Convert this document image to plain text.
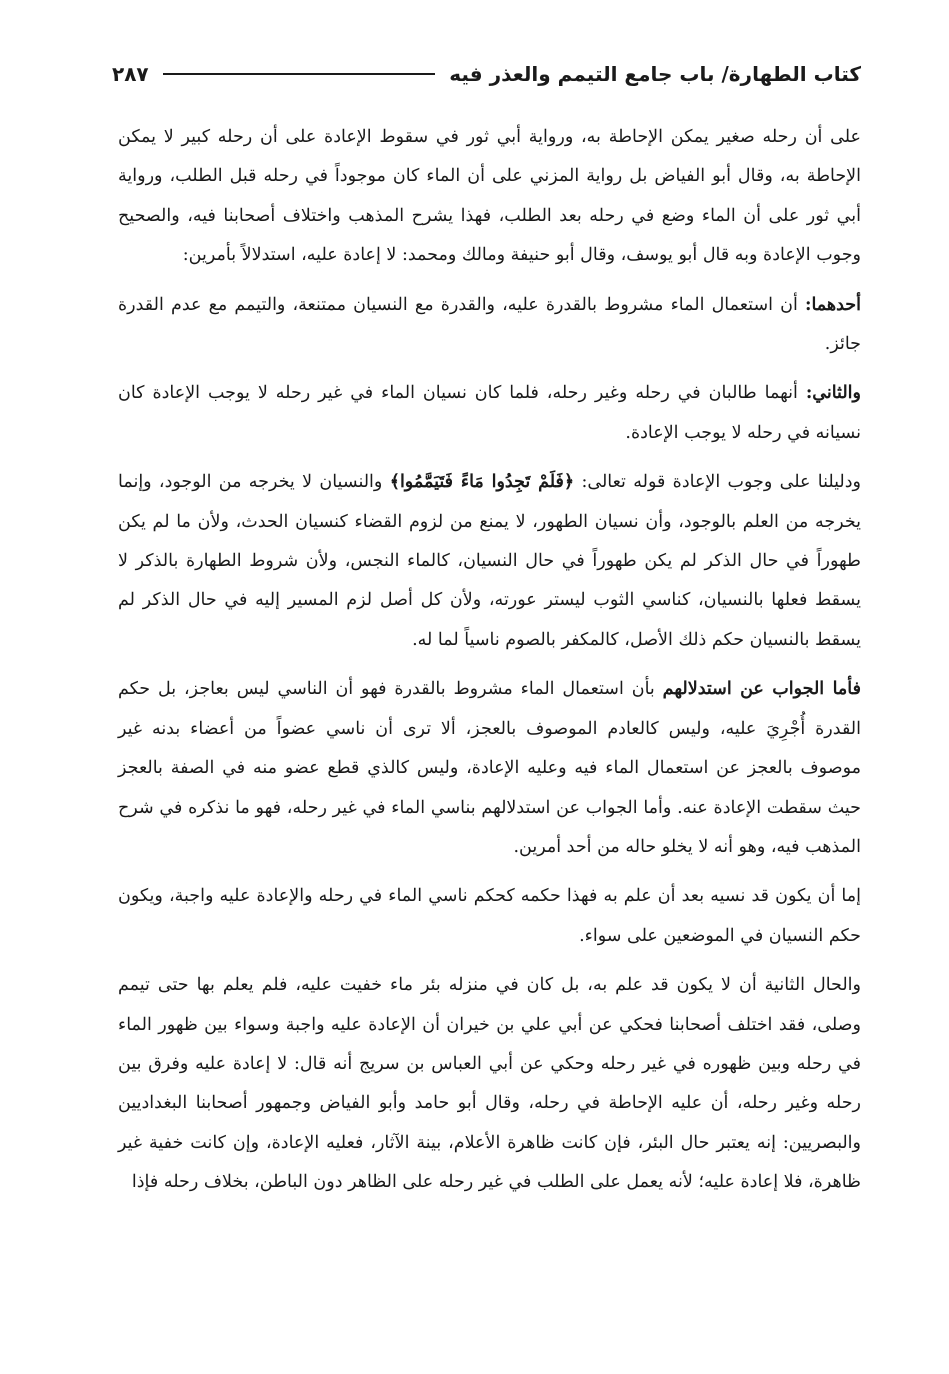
كتاب الطهارة/ باب جامع التيمم والعذر فيه
٢٨٧

على أن رحله صغير يمكن الإحاطة به، ورواية أبي ثور في سقوط الإعادة على أن رحله كبير لا يمكن الإحاطة به، وقال أبو الفياض بل رواية المزني على أن الماء كان موجوداً في رحله قبل الطلب، ورواية أبي ثور على أن الماء وضع في رحله بعد الطلب، فهذا يشرح المذهب واختلاف أصحابنا فيه، والصحيح وجوب الإعادة وبه قال أبو يوسف، وقال أبو حنيفة ومالك ومحمد: لا إعادة عليه، استدلالاً بأمرين:

أحدهما: أن استعمال الماء مشروط بالقدرة عليه، والقدرة مع النسيان ممتنعة، والتيمم مع عدم القدرة جائز.

والثاني: أنهما طالبان في رحله وغير رحله، فلما كان نسيان الماء في غير رحله لا يوجب الإعادة كان نسيانه في رحله لا يوجب الإعادة.

ودليلنا على وجوب الإعادة قوله تعالى: ﴿فَلَمْ تَجِدُوا مَاءً فَتَيَمَّمُوا﴾ والنسيان لا يخرجه من الوجود، وإنما يخرجه من العلم بالوجود، وأن نسيان الطهور، لا يمنع من لزوم القضاء كنسيان الحدث، ولأن ما لم يكن طهوراً في حال الذكر لم يكن طهوراً في حال النسيان، كالماء النجس، ولأن شروط الطهارة بالذكر لا يسقط فعلها بالنسيان، كناسي الثوب ليستر عورته، ولأن كل أصل لزم المسير إليه في حال الذكر لم يسقط بالنسيان حكم ذلك الأصل، كالمكفر بالصوم ناسياً لما له.

فأما الجواب عن استدلالهم بأن استعمال الماء مشروط بالقدرة فهو أن الناسي ليس بعاجز، بل حكم القدرة أُجْرِيَ عليه، وليس كالعادم الموصوف بالعجز، ألا ترى أن ناسي عضواً من أعضاء بدنه غير موصوف بالعجز عن استعمال الماء فيه وعليه الإعادة، وليس كالذي قطع عضو منه في الصفة بالعجز حيث سقطت الإعادة عنه. وأما الجواب عن استدلالهم بناسي الماء في غير رحله، فهو ما نذكره في شرح المذهب فيه، وهو أنه لا يخلو حاله من أحد أمرين.

إما أن يكون قد نسيه بعد أن علم به فهذا حكمه كحكم ناسي الماء في رحله والإعادة عليه واجبة، ويكون حكم النسيان في الموضعين على سواء.

والحال الثانية أن لا يكون قد علم به، بل كان في منزله بئر ماء خفيت عليه، فلم يعلم بها حتى تيمم وصلى، فقد اختلف أصحابنا فحكي عن أبي علي بن خيران أن الإعادة عليه واجبة وسواء بين ظهور الماء في رحله وبين ظهوره في غير رحله وحكي عن أبي العباس بن سريج أنه قال: لا إعادة عليه وفرق بين رحله وغير رحله، أن عليه الإحاطة في رحله، وقال أبو حامد وأبو الفياض وجمهور أصحابنا البغداديين والبصريين: إنه يعتبر حال البئر، فإن كانت ظاهرة الأعلام، بينة الآثار، فعليه الإعادة، وإن كانت خفية غير ظاهرة، فلا إعادة عليه؛ لأنه يعمل على الطلب في غير رحله على الظاهر دون الباطن، بخلاف رحله فإذا
